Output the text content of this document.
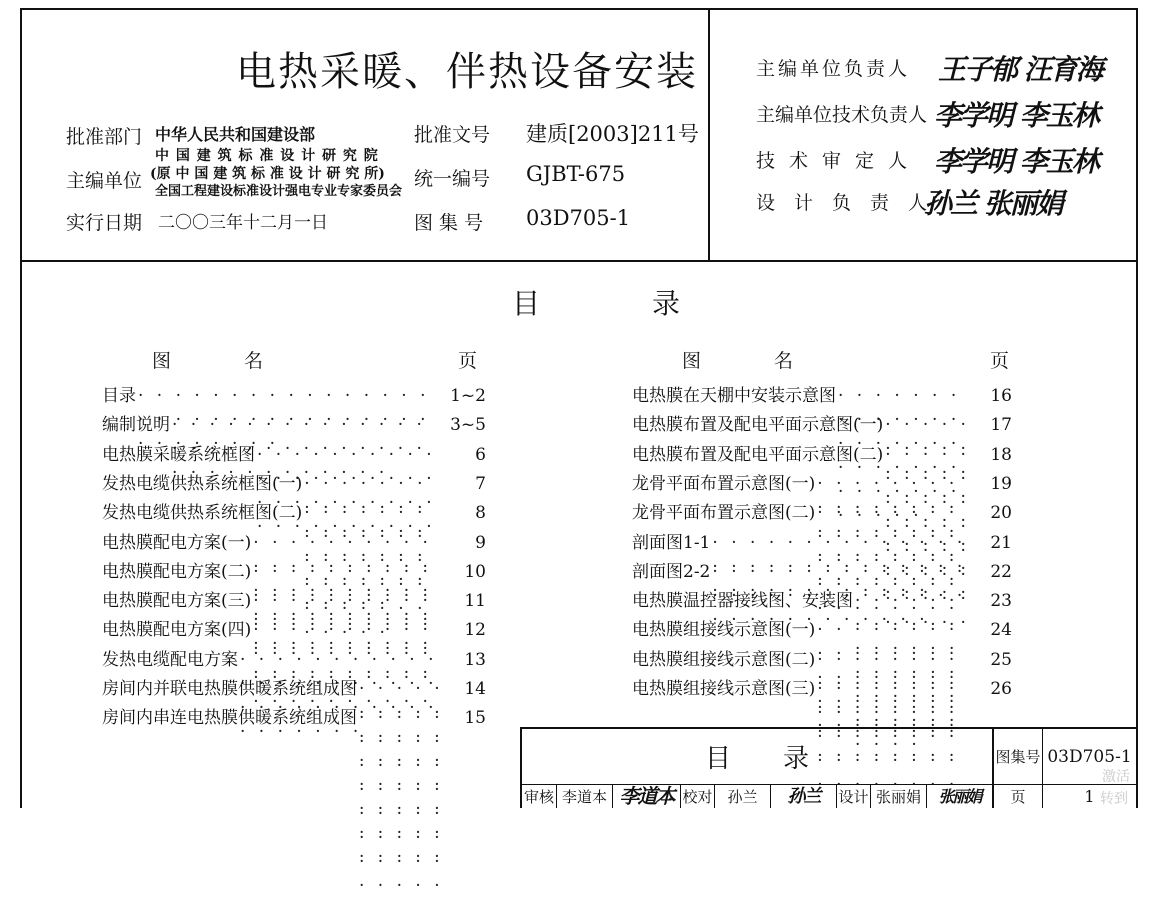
电热采暖、伴热设备安装
批准部门 中华人民共和国建设部
主编单位
中 国 建 筑 标 准 设 计 研 究 院
(原 中 国 建 筑 标 准 设 计 研 究 所)
全国工程建设标准设计强电专业专家委员会
实行日期 二〇〇三年十二月一日
批准文号 建质[2003]211号
统一编号 GJBT-675
图 集 号 03D705-1
主编单位负责人 王子郁 汪育海
主编单位技术负责人 李学明 李玉林
技术审定人 李学明 李玉林
设计负责人
孙兰 张丽娟
目　　　　录
图　　　名	页	图　　　名	页
目录 · · ·	1~2
编制说明 · · ·	3~5
电热膜采暖系统框图 · · ·	6
发热电缆供热系统框图(一) · · ·	7
发热电缆供热系统框图(二) · · ·	8
电热膜配电方案(一) · · ·	9
电热膜配电方案(二) · · ·	10
电热膜配电方案(三) · · ·	11
电热膜配电方案(四) · · ·	12
发热电缆配电方案 · · ·	13
房间内并联电热膜供暖系统组成图 · · ·	14
房间内串连电热膜供暖系统组成图 · · ·	15
电热膜在天棚中安装示意图 · · ·	16
电热膜布置及配电平面示意图(一) · · ·	17
电热膜布置及配电平面示意图(二) · · ·	18
龙骨平面布置示意图(一) · · ·	19
龙骨平面布置示意图(二) · · ·	20
剖面图1-1 · · ·	21
剖面图2-2 · · ·	22
电热膜温控器接线图、安装图 · · ·	23
电热膜组接线示意图(一) · · ·	24
电热膜组接线示意图(二) · · ·	25
电热膜组接线示意图(三) · · ·	26
目　　录	图集号 03D705-1
页	1
审核 李道本 李道本 校对 孙兰	孙兰	设计 张丽娟	张丽娟
激活
转到
